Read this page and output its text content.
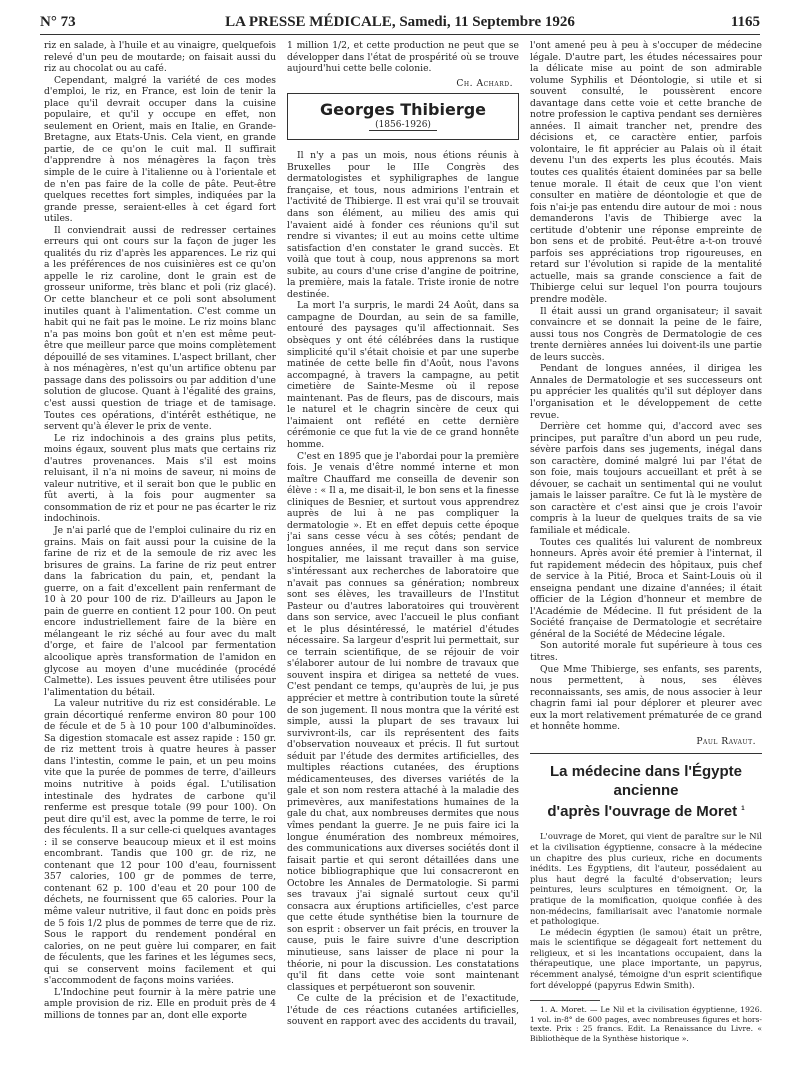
N° 73	LA PRESSE MÉDICALE, Samedi, 11 Septembre 1926	1165

riz en salade, à l'huile et au vinaigre, quelquefois relevé d'un peu de moutarde; on faisait aussi du riz au chocolat ou au café.

Cependant, malgré la variété de ces modes d'emploi, le riz, en France, est loin de tenir la place qu'il devrait occuper dans la cuisine populaire, et qu'il y occupe en effet, non seulement en Orient, mais en Italie, en Grande-Bretagne, aux Etats-Unis. Cela vient, en grande partie, de ce qu'on le cuit mal. Il suffirait d'apprendre à nos ménagères la façon très simple de le cuire à l'italienne ou à l'orientale et de n'en pas faire de la colle de pâte. Peut-être quelques recettes fort simples, indiquées par la grande presse, seraient-elles à cet égard fort utiles.

Il conviendrait aussi de redresser certaines erreurs qui ont cours sur la façon de juger les qualités du riz d'après les apparences. Le riz qui a les préférences de nos cuisinières est ce qu'on appelle le riz caroline, dont le grain est de grosseur uniforme, très blanc et poli (riz glacé). Or cette blancheur et ce poli sont absolument inutiles quant à l'alimentation. C'est comme un habit qui ne fait pas le moine. Le riz moins blanc n'a pas moins bon goût et n'en est même peut-être que meilleur parce que moins complètement dépouillé de ses vitamines. L'aspect brillant, cher à nos ménagères, n'est qu'un artifice obtenu par passage dans des polissoirs ou par addition d'une solution de glucose. Quant à l'égalité des grains, c'est aussi question de triage et de tamisage. Toutes ces opérations, d'intérêt esthétique, ne servent qu'à élever le prix de vente.

Le riz indochinois a des grains plus petits, moins égaux, souvent plus mats que certains riz d'autres provenances. Mais s'il est moins reluisant, il n'a ni moins de saveur, ni moins de valeur nutritive, et il serait bon que le public en fût averti, à la fois pour augmenter sa consommation de riz et pour ne pas écarter le riz indochinois.

Je n'ai parlé que de l'emploi culinaire du riz en grains. Mais on fait aussi pour la cuisine de la farine de riz et de la semoule de riz avec les brisures de grains. La farine de riz peut entrer dans la fabrication du pain, et, pendant la guerre, on a fait d'excellent pain renfermant de 10 à 20 pour 100 de riz. D'ailleurs au Japon le pain de guerre en contient 12 pour 100. On peut encore industriellement faire de la bière en mélangeant le riz séché au four avec du malt d'orge, et faire de l'alcool par fermentation alcoolique après transformation de l'amidon en glycose au moyen d'une mucédinée (procédé Calmette). Les issues peuvent être utilisées pour l'alimentation du bétail.

La valeur nutritive du riz est considérable. Le grain décortiqué renferme environ 80 pour 100 de fécule et de 5 à 10 pour 100 d'albuminoïdes. Sa digestion stomacale est assez rapide : 150 gr. de riz mettent trois à quatre heures à passer dans l'intestin, comme le pain, et un peu moins vite que la purée de pommes de terre, d'ailleurs moins nutritive à poids égal. L'utilisation intestinale des hydrates de carbone qu'il renferme est presque totale (99 pour 100). On peut dire qu'il est, avec la pomme de terre, le roi des féculents. Il a sur celle-ci quelques avantages : il se conserve beaucoup mieux et il est moins encombrant. Tandis que 100 gr. de riz, ne contenant que 12 pour 100 d'eau, fournissent 357 calories, 100 gr de pommes de terre, contenant 62 p. 100 d'eau et 20 pour 100 de déchets, ne fournissent que 65 calories. Pour la même valeur nutritive, il faut donc en poids près de 5 fois 1/2 plus de pommes de terre que de riz. Sous le rapport du rendement pondéral en calories, on ne peut guère lui comparer, en fait de féculents, que les farines et les légumes secs, qui se conservent moins facilement et qui s'accommodent de façons moins variées.

L'Indochine peut fournir à la mère patrie une ample provision de riz. Elle en produit près de 4 millions de tonnes par an, dont elle exporte

1 million 1/2, et cette production ne peut que se développer dans l'état de prospérité où se trouve aujourd'hui cette belle colonie.

Ch. Achard.

Georges Thibierge
(1856-1926)

Il n'y a pas un mois, nous étions réunis à Bruxelles pour le IIIe Congrès des dermatologistes et syphiligraphes de langue française, et tous, nous admirions l'entrain et l'activité de Thibierge. Il est vrai qu'il se trouvait dans son élément, au milieu des amis qui l'avaient aidé à fonder ces réunions qu'il sut rendre si vivantes; il eut au moins cette ultime satisfaction d'en constater le grand succès. Et voilà que tout à coup, nous apprenons sa mort subite, au cours d'une crise d'angine de poitrine, la première, mais la fatale. Triste ironie de notre destinée.

La mort l'a surpris, le mardi 24 Août, dans sa campagne de Dourdan, au sein de sa famille, entouré des paysages qu'il affectionnait. Ses obsèques y ont été célébrées dans la rustique simplicité qu'il s'était choisie et par une superbe matinée de cette belle fin d'Août, nous l'avons accompagné, à travers la campagne, au petit cimetière de Sainte-Mesme où il repose maintenant. Pas de fleurs, pas de discours, mais le naturel et le chagrin sincère de ceux qui l'aimaient ont reflété en cette dernière cérémonie ce que fut la vie de ce grand honnête homme.

C'est en 1895 que je l'abordai pour la première fois. Je venais d'être nommé interne et mon maître Chauffard me conseilla de devenir son élève : « Il a, me disait-il, le bon sens et la finesse cliniques de Besnier, et surtout vous apprendrez auprès de lui à ne pas compliquer la dermatologie ». Et en effet depuis cette époque j'ai sans cesse vécu à ses côtés; pendant de longues années, il me reçut dans son service hospitalier, me laissant travailler à ma guise, s'intéressant aux recherches de laboratoire que n'avait pas connues sa génération; nombreux sont ses élèves, les travailleurs de l'Institut Pasteur ou d'autres laboratoires qui trouvèrent dans son service, avec l'accueil le plus confiant et le plus désintéressé, le matériel d'études nécessaire. Sa largeur d'esprit lui permettait, sur ce terrain scientifique, de se réjouir de voir s'élaborer autour de lui nombre de travaux que souvent inspira et dirigea sa netteté de vues. C'est pendant ce temps, qu'auprès de lui, je pus apprécier et mettre à contribution toute la sûreté de son jugement. Il nous montra que la vérité est simple, aussi la plupart de ses travaux lui survivront-ils, car ils représentent des faits d'observation nouveaux et précis. Il fut surtout séduit par l'étude des dermites artificielles, des multiples réactions cutanées, des éruptions médicamenteuses, des diverses variétés de la gale et son nom restera attaché à la maladie des primevères, aux manifestations humaines de la gale du chat, aux nombreuses dermites que nous vîmes pendant la guerre. Je ne puis faire ici la longue énumération des nombreux mémoires, des communications aux diverses sociétés dont il faisait partie et qui seront détaillées dans une notice bibliographique que lui consacreront en Octobre les Annales de Dermatologie. Si parmi ses travaux j'ai signalé surtout ceux qu'il consacra aux éruptions artificielles, c'est parce que cette étude synthétise bien la tournure de son esprit : observer un fait précis, en trouver la cause, puis le faire suivre d'une description minutieuse, sans laisser de place ni pour la théorie, ni pour la discussion. Les constatations qu'il fit dans cette voie sont maintenant classiques et perpétueront son souvenir.

Ce culte de la précision et de l'exactitude, l'étude de ces réactions cutanées artificielles, souvent en rapport avec des accidents du travail,

l'ont amené peu à peu à s'occuper de médecine légale. D'autre part, les études nécessaires pour la délicate mise au point de son admirable volume Syphilis et Déontologie, si utile et si souvent consulté, le poussèrent encore davantage dans cette voie et cette branche de notre profession le captiva pendant ses dernières années. Il aimait trancher net, prendre des décisions et, ce caractère entier, parfois volontaire, le fit apprécier au Palais où il était devenu l'un des experts les plus écoutés. Mais toutes ces qualités étaient dominées par sa belle tenue morale. Il était de ceux que l'on vient consulter en matière de déontologie et que de fois n'ai-je pas entendu dire autour de moi : nous demanderons l'avis de Thibierge avec la certitude d'obtenir une réponse empreinte de bon sens et de probité. Peut-être a-t-on trouvé parfois ses appréciations trop rigoureuses, en retard sur l'évolution si rapide de la mentalité actuelle, mais sa grande conscience a fait de Thibierge celui sur lequel l'on pourra toujours prendre modèle.

Il était aussi un grand organisateur; il savait convaincre et se donnait la peine de le faire, aussi tous nos Congrès de Dermatologie de ces trente dernières années lui doivent-ils une partie de leurs succès.

Pendant de longues années, il dirigea les Annales de Dermatologie et ses successeurs ont pu apprécier les qualités qu'il sut déployer dans l'organisation et le développement de cette revue.

Derrière cet homme qui, d'accord avec ses principes, put paraître d'un abord un peu rude, sévère parfois dans ses jugements, inégal dans son caractère, dominé malgré lui par l'état de son foie, mais toujours accueillant et prêt à se dévouer, se cachait un sentimental qui ne voulut jamais le laisser paraître. Ce fut là le mystère de son caractère et c'est ainsi que je crois l'avoir compris à la lueur de quelques traits de sa vie familiale et médicale.

Toutes ces qualités lui valurent de nombreux honneurs. Après avoir été premier à l'internat, il fut rapidement médecin des hôpitaux, puis chef de service à la Pitié, Broca et Saint-Louis où il enseigna pendant une dizaine d'années; il était officier de la Légion d'honneur et membre de l'Académie de Médecine. Il fut président de la Société française de Dermatologie et secrétaire général de la Société de Médecine légale.

Son autorité morale fut supérieure à tous ces titres.

Que Mme Thibierge, ses enfants, ses parents, nous permettent, à nous, ses élèves reconnaissants, ses amis, de nous associer à leur chagrin fami ial pour déplorer et pleurer avec eux la mort relativement prématurée de ce grand et honnête homme.

Paul Ravaut.

La médecine dans l'Égypte ancienne
d'après l'ouvrage de Moret $^1$

L'ouvrage de Moret, qui vient de paraître sur le Nil et la civilisation égyptienne, consacre à la médecine un chapitre des plus curieux, riche en documents inédits. Les Égyptiens, dit l'auteur, possédaient au plus haut degré la faculté d'observation; leurs peintures, leurs sculptures en témoignent. Or, la pratique de la momification, quoique confiée à des non-médecins, familiarisait avec l'anatomie normale et pathologique.

Le médecin égyptien (le samou) était un prêtre, mais le scientifique se dégageait fort nettement du religieux, et si les incantations occupaient, dans la thérapeutique, une place importante, un papyrus, récemment analysé, témoigne d'un esprit scientifique fort développé (papyrus Edwin Smith).

1. A. Moret. — Le Nil et la civilisation égyptienne, 1926. 1 vol. in-8° de 600 pages, avec nombreuses figures et hors-texte. Prix : 25 francs. Edit. La Renaissance du Livre. « Bibliothèque de la Synthèse historique ».
